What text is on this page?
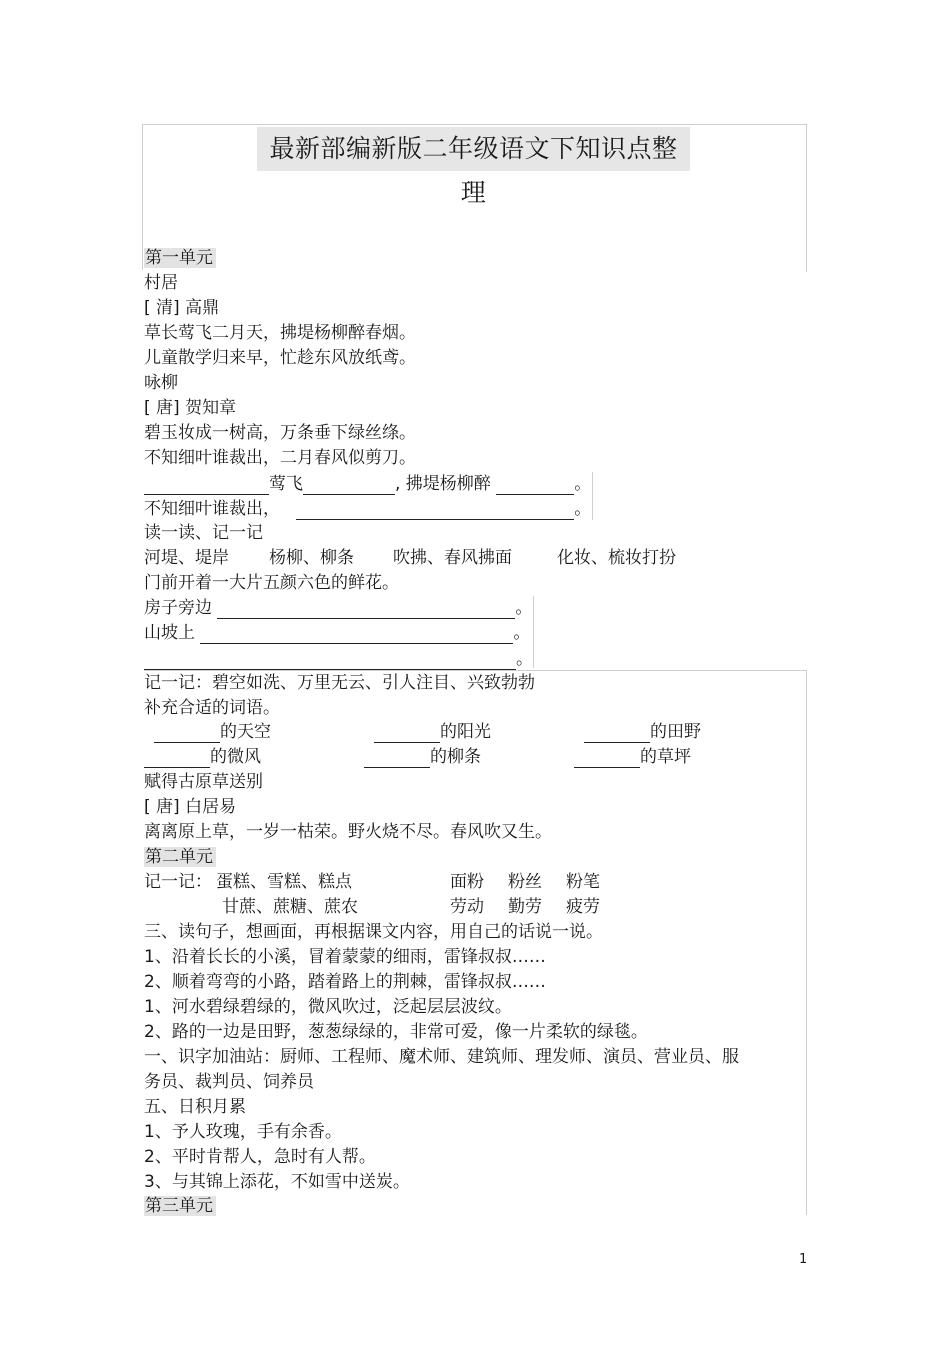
最新部编新版二年级语文下知识点整理
第一单元
村居
[ 清] 高鼎
草长莺飞二月天，拂堤杨柳醉春烟。
儿童散学归来早，忙趁东风放纸鸢。
咏柳
[ 唐] 贺知章
碧玉妆成一树高，万条垂下绿丝绦。
不知细叶谁裁出，二月春风似剪刀。
莺飞	, 拂堤杨柳醉	。
不知细叶谁裁出，	。
读一读、记一记
河堤、堤岸 杨柳、柳条 吹拂、春风拂面	化妆、梳妆打扮
门前开着一大片五颜六色的鲜花。
房子旁边	。
山坡上	。
。
记一记：碧空如洗、万里无云、引人注目、兴致勃勃
补充合适的词语。
的天空	的阳光	的田野
的微风	的柳条	的草坪
赋得古原草送别
[ 唐] 白居易
离离原上草，一岁一枯荣。野火烧不尽。春风吹又生。
第二单元
记一记： 蛋糕、雪糕、糕点	面粉 粉丝 粉笔
甘蔗、蔗糖、蔗农	劳动 勤劳 疲劳
三、读句子，想画面，再根据课文内容，用自己的话说一说。
1、沿着长长的小溪，冒着蒙蒙的细雨，雷锋叔叔……
2、顺着弯弯的小路，踏着路上的荆棘，雷锋叔叔……
1、河水碧绿碧绿的，微风吹过，泛起层层波纹。
2、路的一边是田野，葱葱绿绿的，非常可爱，像一片柔软的绿毯。
一、识字加油站：厨师、工程师、魔术师、建筑师、理发师、演员、营业员、服
务员、裁判员、饲养员
五、日积月累
1、予人玫瑰，手有余香。
2、平时肯帮人，急时有人帮。
3、与其锦上添花，不如雪中送炭。
第三单元
1
